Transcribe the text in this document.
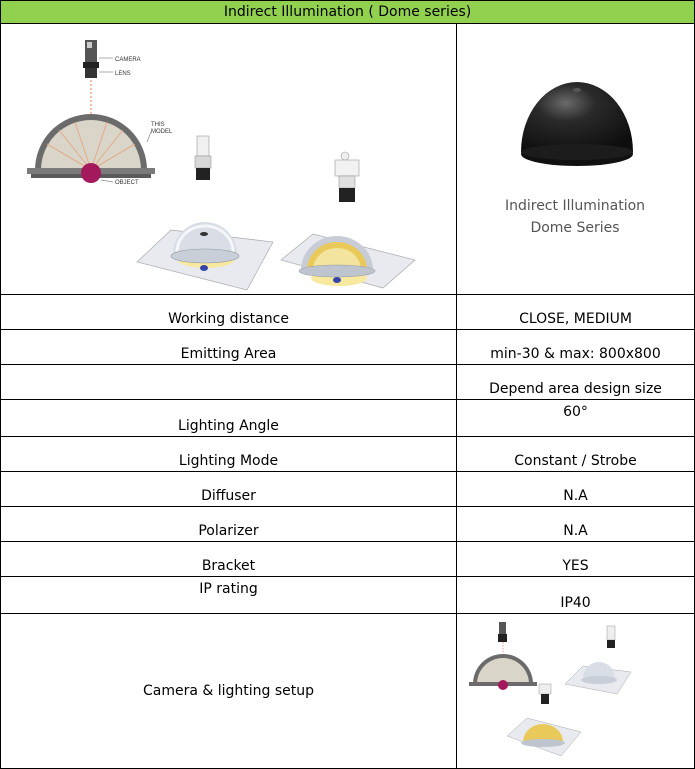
Indirect Illumination ( Dome series)	

CAMERA
LENS
THIS
MODEL
OBJECT	Indirect Illumination
Dome Series

Working distance	CLOSE, MEDIUM
Emitting Area	min-30 & max: 800x800
	Depend area design size
Lighting Angle	60°
Lighting Mode	Constant / Strobe
Diffuser	N.A
Polarizer	N.A
Bracket	YES
IP rating	IP40
Camera & lighting setup	
